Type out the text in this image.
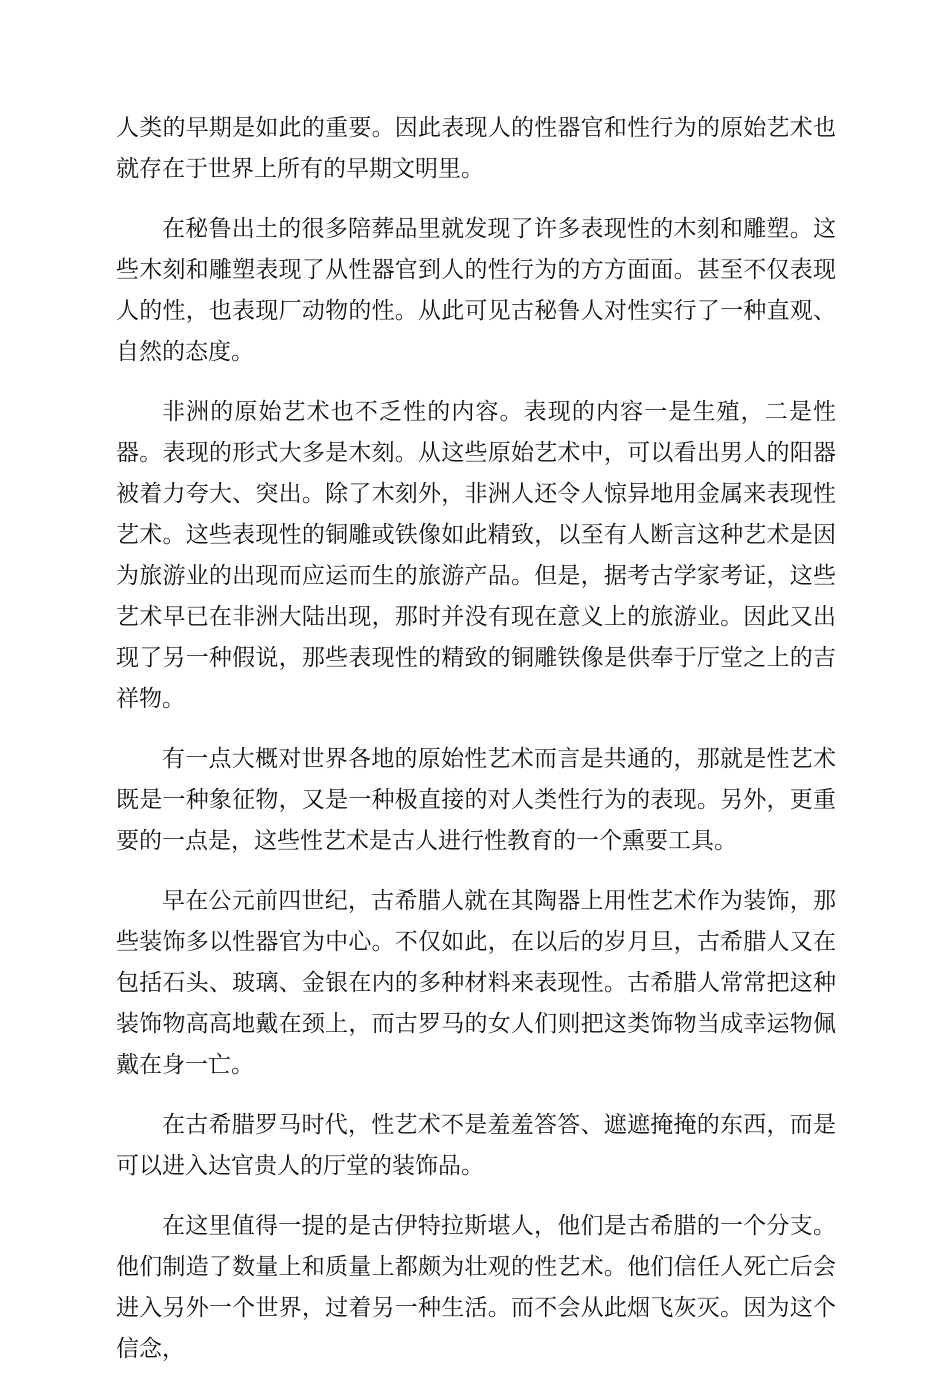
人类的早期是如此的重要。因此表现人的性器官和性行为的原始艺术也就存在于世界上所有的早期文明里。

在秘鲁出土的很多陪葬品里就发现了许多表现性的木刻和雕塑。这些木刻和雕塑表现了从性器官到人的性行为的方方面面。甚至不仅表现人的性，也表现厂动物的性。从此可见古秘鲁人对性实行了一种直观、自然的态度。

非洲的原始艺术也不乏性的内容。表现的内容一是生殖，二是性器。表现的形式大多是木刻。从这些原始艺术中，可以看出男人的阳器被着力夸大、突出。除了木刻外，非洲人还令人惊异地用金属来表现性艺术。这些表现性的铜雕或铁像如此精致，以至有人断言这种艺术是因为旅游业的出现而应运而生的旅游产品。但是，据考古学家考证，这些艺术早已在非洲大陆出现，那时并没有现在意义上的旅游业。因此又出现了另一种假说，那些表现性的精致的铜雕铁像是供奉于厅堂之上的吉祥物。

有一点大概对世界各地的原始性艺术而言是共通的，那就是性艺术既是一种象征物，又是一种极直接的对人类性行为的表现。另外，更重要的一点是，这些性艺术是古人进行性教育的一个熏要工具。

早在公元前四世纪，古希腊人就在其陶器上用性艺术作为装饰，那些装饰多以性器官为中心。不仅如此，在以后的岁月旦，古希腊人又在包括石头、玻璃、金银在内的多种材料来表现性。古希腊人常常把这种装饰物高高地戴在颈上，而古罗马的女人们则把这类饰物当成幸运物佩戴在身一亡。

在古希腊罗马时代，性艺术不是羞羞答答、遮遮掩掩的东西，而是可以进入达官贵人的厅堂的装饰品。

在这里值得一提的是古伊特拉斯堪人，他们是古希腊的一个分支。他们制造了数量上和质量上都颇为壮观的性艺术。他们信任人死亡后会进入另外一个世界，过着另一种生活。而不会从此烟飞灰灭。因为这个信念，
